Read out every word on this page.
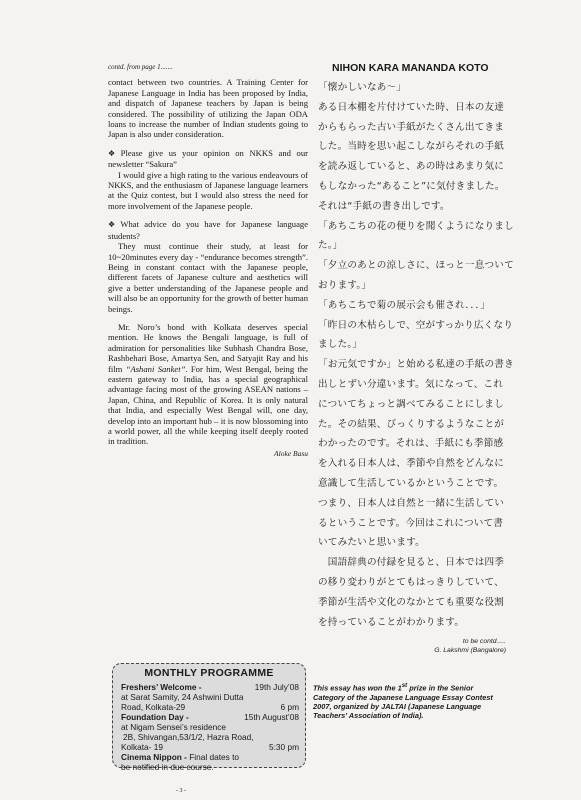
contd. from page 1.......

contact between two countries. A Training Center for Japanese Language in India has been proposed by India, and dispatch of Japanese teachers by Japan is being considered. The possibility of utilizing the Japan ODA loans to increase the number of Indian students going to Japan is also under consideration.

❖ Please give us your opinion on NKKS and our newsletter “Sakura”

I would give a high rating to the various endeavours of NKKS, and the enthusiasm of Japanese language learners at the Quiz contest, but I would also stress the need for more involvement of the Japanese people.

❖ What advice do you have for Japanese language students?

They must continue their study, at least for 10~20minutes every day - “endurance becomes strength”. Being in constant contact with the Japanese people, different facets of Japanese culture and aesthetics will give a better understanding of the Japanese people and will also be an opportunity for the growth of better human beings.

Mr. Noro’s bond with Kolkata deserves special mention. He knows the Bengali language, is full of admiration for personalities like Subhash Chandra Bose, Rashbehari Bose, Amartya Sen, and Satyajit Ray and his film “Ashani Sanket”. For him, West Bengal, being the eastern gateway to India, has a special geographical advantage facing most of the growing ASEAN nations – Japan, China, and Republic of Korea. It is only natural that India, and especially West Bengal will, one day, develop into an important hub – it is now blossoming into a world power, all the while keeping itself deeply rooted in tradition.

Aloke Basu
MONTHLY PROGRAMME
Freshers’ Welcome -	19th July’08
at Sarat Samity, 24 Ashwini Dutta
Road, Kolkata-29	6 pm
Foundation Day -	15th August’08
at Nigam Sensei’s residence
2B, Shivangan,53/1/2, Hazra Road,
Kolkata- 19	5:30 pm
Cinema Nippon - Final dates to
be notified in due course.
NIHON KARA MANANDA KOTO
「懐かしいなあ～」
ある日本棚を片付けていた時、日本の友達
からもらった古い手紙がたくさん出てきま
した。当時を思い起こしながらそれの手紙
を読み返していると、あの時はあまり気に
もしなかった“あること”に気付きました。
それは“手紙の書き出しです。
「あちこちの花の便りを聞くようになりまし
た。」
「夕立のあとの涼しさに、ほっと一息ついて
おります。」
「あちこちで菊の展示会も催され．．．」
「昨日の木枯らしで、空がすっかり広くなり
ました。」
「お元気ですか」と始める私達の手紙の書き
出しとずい分違います。気になって、これ
についてちょっと調べてみることにしまし
た。その結果、びっくりするようなことが
わかったのです。それは、手紙にも季節感
を入れる日本人は、季節や自然をどんなに
意識して生活しているかということです。
つまり、日本人は自然と一緒に生活してい
るということです。今回はこれについて書
いてみたいと思います。
　国語辞典の付録を見ると、日本では四季
の移り変わりがとてもはっきりしていて、
季節が生活や文化のなかとても重要な役割
を持っていることがわかります。
to be contd.....
G. Lakshmi (Bangalore)
This essay has won the 1st prize in the Senior Category of the Japanese Language Essay Contest 2007, organized by JALTAI (Japanese Language Teachers’ Association of India).
- 3 -
